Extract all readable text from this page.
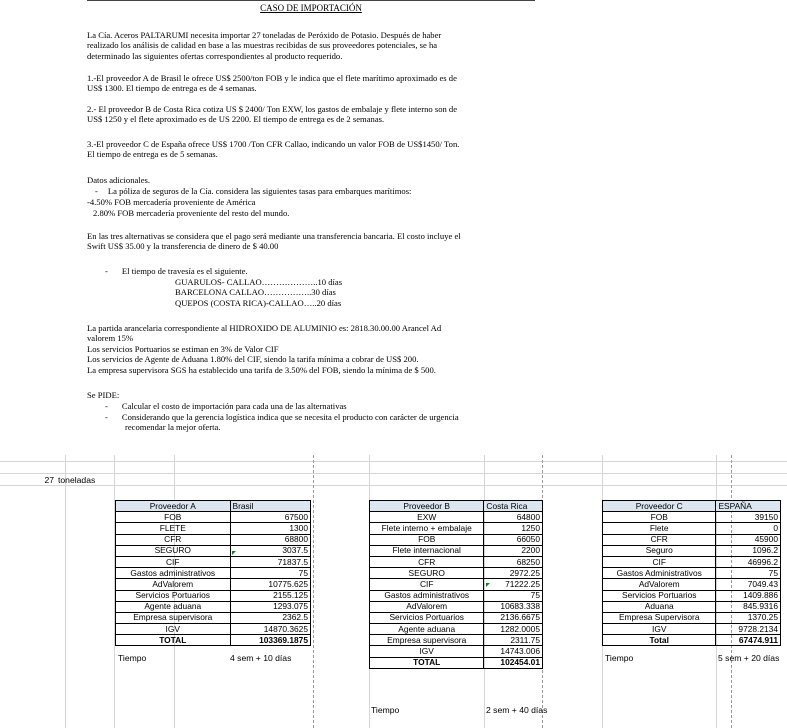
CASO DE IMPORTACIÓN
La Cía. Aceros PALTARUMI necesita importar 27 toneladas de Peróxido de Potasio. Después de haber
realizado los análisis de calidad en base a las muestras recibidas de sus proveedores potenciales, se ha
determinado las siguientes ofertas correspondientes al producto requerido.
1.-El proveedor A de Brasil le ofrece US$ 2500/ton FOB y le indica que el flete marítimo aproximado es de
US$ 1300. El tiempo de entrega es de 4 semanas.
2.- El proveedor B de Costa Rica cotiza US $ 2400/ Ton EXW, los gastos de embalaje y flete interno son de
US$ 1250 y el flete aproximado es de US 2200. El tiempo de entrega es de 2 semanas.
3.-El proveedor C de España ofrece US$ 1700 /Ton CFR Callao, indicando un valor FOB de US$1450/ Ton.
El tiempo de entrega es de 5 semanas.
Datos adicionales.
- La póliza de seguros de la Cía. considera las siguientes tasas para embarques marítimos:
-4.50% FOB mercadería proveniente de América
2.80% FOB mercadería proveniente del resto del mundo.
En las tres alternativas se considera que el pago será mediante una transferencia bancaria. El costo incluye el
Swift US$ 35.00 y la transferencia de dinero de $ 40.00
- El tiempo de travesía es el siguiente.
GUARULOS- CALLAO………………..10 días
BARCELONA CALLAO……………..30 días
QUEPOS (COSTA RICA)-CALLAO…..20 días
La partida arancelaria correspondiente al HIDROXIDO DE ALUMINIO es: 2818.30.00.00 Arancel Ad
valorem 15%
Los servicios Portuarios se estiman en 3% de Valor CIF
Los servicios de Agente de Aduana 1.80% del CIF, siendo la tarifa mínima a cobrar de US$ 200.
La empresa supervisora SGS ha establecido una tarifa de 3.50% del FOB, siendo la mínima de $ 500.
Se PIDE:
- Calcular el costo de importación para cada una de las alternativas
- Considerando que la gerencia logística indica que se necesita el producto con carácter de urgencia
recomendar la mejor oferta.
27 toneladas
Proveedor A	Brasil
FOB	67500
FLETE	1300
CFR	68800
SEGURO	3037.5
CIF	71837.5
Gastos administrativos	75
AdValorem	10775.625
Servicios Portuarios	2155.125
Agente aduana	1293.075
Empresa supervisora	2362.5
IGV	14870.3625
TOTAL	103369.1875
Tiempo	4 sem + 10 días
Proveedor B	Costa Rica
EXW	64800
Flete interno + embalaje	1250
FOB	66050
Flete internacional	2200
CFR	68250
SEGURO	2972.25
CIF	71222.25
Gastos administrativos	75
AdValorem	10683.338
Servicios Portuarios	2136.6675
Agente aduana	1282.0005
Empresa supervisora	2311.75
IGV	14743.006
TOTAL	102454.01
Tiempo	2 sem + 40 días
Proveedor C	ESPAÑA
FOB	39150
Flete	0
CFR	45900
Seguro	1096.2
CIF	46996.2
Gastos Administrativos	75
AdValorem	7049.43
Servicios Portuarios	1409.886
Aduana	845.9316
Empresa Supervisora	1370.25
IGV	9728.2134
Total	67474.911
Tiempo	5 sem + 20 días
